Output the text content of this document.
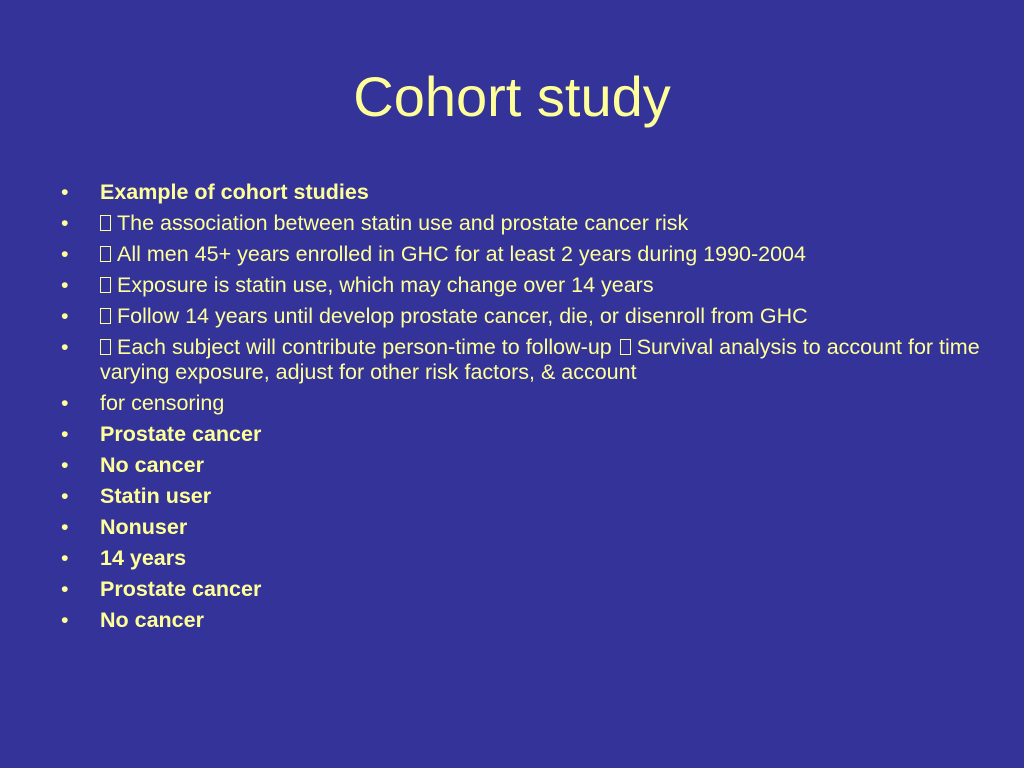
Cohort study
• Example of cohort studies
•	The association between statin use and prostate cancer risk
•	All men 45+ years enrolled in GHC for at least 2 years during 1990-2004
•	Exposure is statin use, which may change over 14 years
•	Follow 14 years until develop prostate cancer, die, or disenroll from GHC
•	Each subject will contribute person-time to follow-up Survival analysis to account for time varying exposure, adjust for other risk factors, & account
• for censoring
• Prostate cancer
• No cancer
• Statin user
• Nonuser
• 14 years
• Prostate cancer
• No cancer
